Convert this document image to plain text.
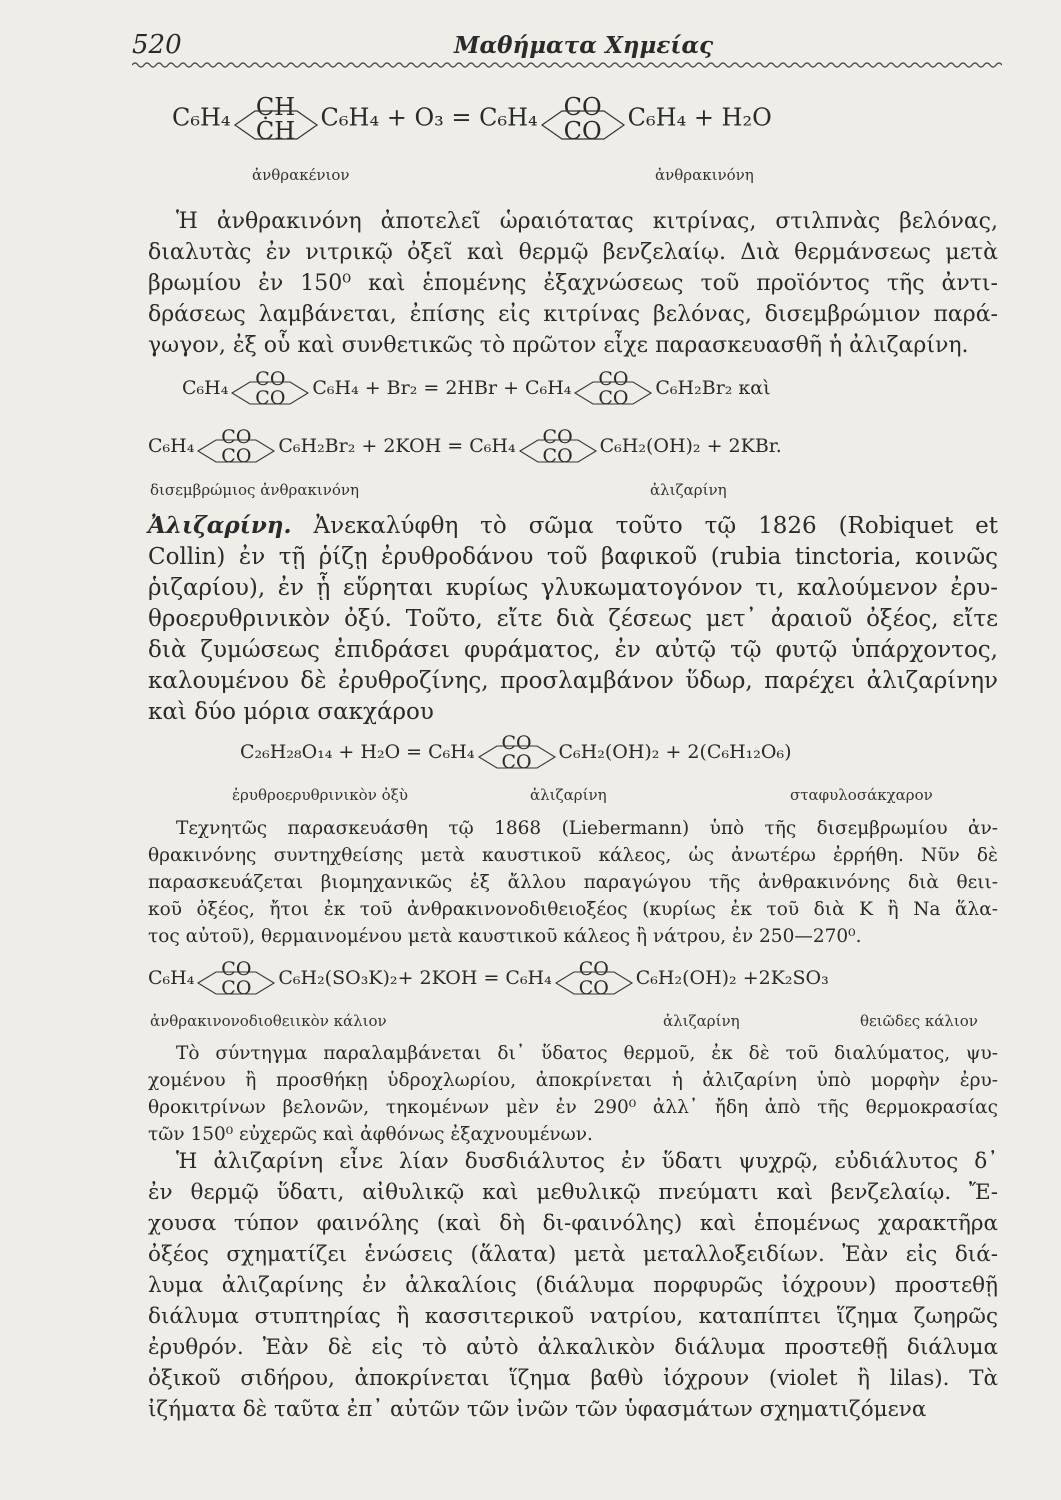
520	Μαθήματα Χημείας
C₆H₄	CH
ĊH	C₆H₄ + O₃ = C₆H₄	CO
CO	C₆H₄ + H₂O
ἀνθρακένιον	ἀνθρακινόνη
Ἡ ἀνθρακινόνη ἀποτελεῖ ὡραιότατας κιτρίνας, στιλπνὰς βελόνας,
διαλυτὰς ἐν νιτρικῷ ὀξεῖ καὶ θερμῷ βενζελαίῳ. Διὰ θερμάνσεως μετὰ
βρωμίου ἐν 150⁰ καὶ ἑπομένης ἐξαχνώσεως τοῦ προϊόντος τῆς ἀντι-
δράσεως λαμβάνεται, ἐπίσης εἰς κιτρίνας βελόνας, δισεμβρώμιον παρά-
γωγον, ἐξ οὗ καὶ συνθετικῶς τὸ πρῶτον εἶχε παρασκευασθῆ ἡ ἀλιζαρίνη.
C₆H₄	CO
CO	C₆H₄ + Br₂ = 2HBr + C₆H₄	CO
CO	C₆H₂Br₂ καὶ
C₆H₄	CO
CO	C₆H₂Br₂ + 2KOH = C₆H₄	CO
CO	C₆H₂(OH)₂ + 2KBr.
δισεμβρώμιος ἀνθρακινόνη	ἀλιζαρίνη
Ἀλιζαρίνη. Ἀνεκαλύφθη τὸ σῶμα τοῦτο τῷ 1826 (Robiquet et
Collin) ἐν τῇ ῥίζῃ ἐρυθροδάνου τοῦ βαφικοῦ (rubia tinctoria, κοινῶς
ῥιζαρίου), ἐν ᾗ εὕρηται κυρίως γλυκωματογόνον τι, καλούμενον ἐρυ-
θροερυθρινικὸν ὀξύ. Τοῦτο, εἴτε διὰ ζέσεως μετ᾽ ἀραιοῦ ὀξέος, εἴτε
διὰ ζυμώσεως ἐπιδράσει φυράματος, ἐν αὐτῷ τῷ φυτῷ ὑπάρχοντος,
καλουμένου δὲ ἐρυθροζίνης, προσλαμβάνον ὕδωρ, παρέχει ἀλιζαρίνην
καὶ δύο μόρια σακχάρου
C₂₆H₂₈O₁₄ + H₂O = C₆H₄	CO
CO	C₆H₂(OH)₂ + 2(C₆H₁₂O₆)
ἐρυθροερυθρινικὸν ὀξὺ	ἀλιζαρίνη	σταφυλοσάκχαρον
Τεχνητῶς παρασκευάσθη τῷ 1868 (Liebermann) ὑπὸ τῆς δισεμβρωμίου ἀν-
θρακινόνης συντηχθείσης μετὰ καυστικοῦ κάλεος, ὡς ἀνωτέρω ἐρρήθη. Νῦν δὲ
παρασκευάζεται βιομηχανικῶς ἐξ ἄλλου παραγώγου τῆς ἀνθρακινόνης διὰ θειι-
κοῦ ὀξέος, ἤτοι ἐκ τοῦ ἀνθρακινονοδιθειοξέος (κυρίως ἐκ τοῦ διὰ K ἢ Na ἅλα-
τος αὐτοῦ), θερμαινομένου μετὰ καυστικοῦ κάλεος ἢ νάτρου, ἐν 250—270⁰.
C₆H₄	CO
CO	C₆H₂(SO₃K)₂+ 2KOH = C₆H₄	CO
CO	C₆H₂(OH)₂ +2K₂SO₃
ἀνθρακινονοδιοθειικὸν κάλιον	ἀλιζαρίνη	θειῶδες κάλιον
Τὸ σύντηγμα παραλαμβάνεται δι᾽ ὕδατος θερμοῦ, ἐκ δὲ τοῦ διαλύματος, ψυ-
χομένου ἢ προσθήκῃ ὑδροχλωρίου, ἀποκρίνεται ἡ ἀλιζαρίνη ὑπὸ μορφὴν ἐρυ-
θροκιτρίνων βελονῶν, τηκομένων μὲν ἐν 290⁰ ἀλλ᾽ ἤδη ἀπὸ τῆς θερμοκρασίας
τῶν 150⁰ εὐχερῶς καὶ ἀφθόνως ἐξαχνουμένων.
Ἡ ἀλιζαρίνη εἶνε λίαν δυσδιάλυτος ἐν ὕδατι ψυχρῷ, εὐδιάλυτος δ᾽
ἐν θερμῷ ὕδατι, αἰθυλικῷ καὶ μεθυλικῷ πνεύματι καὶ βενζελαίῳ. Ἔ-
χουσα τύπον φαινόλης (καὶ δὴ δι-φαινόλης) καὶ ἑπομένως χαρακτῆρα
ὀξέος σχηματίζει ἑνώσεις (ἅλατα) μετὰ μεταλλοξειδίων. Ἐὰν εἰς διά-
λυμα ἀλιζαρίνης ἐν ἀλκαλίοις (διάλυμα πορφυρῶς ἰόχρουν) προστεθῇ
διάλυμα στυπτηρίας ἢ κασσιτερικοῦ νατρίου, καταπίπτει ἵζημα ζωηρῶς
ἐρυθρόν. Ἐὰν δὲ εἰς τὸ αὐτὸ ἀλκαλικὸν διάλυμα προστεθῇ διάλυμα
ὀξικοῦ σιδήρου, ἀποκρίνεται ἵζημα βαθὺ ἰόχρουν (violet ἢ lilas). Τὰ
ἰζήματα δὲ ταῦτα ἐπ᾽ αὐτῶν τῶν ἰνῶν τῶν ὑφασμάτων σχηματιζόμενα
